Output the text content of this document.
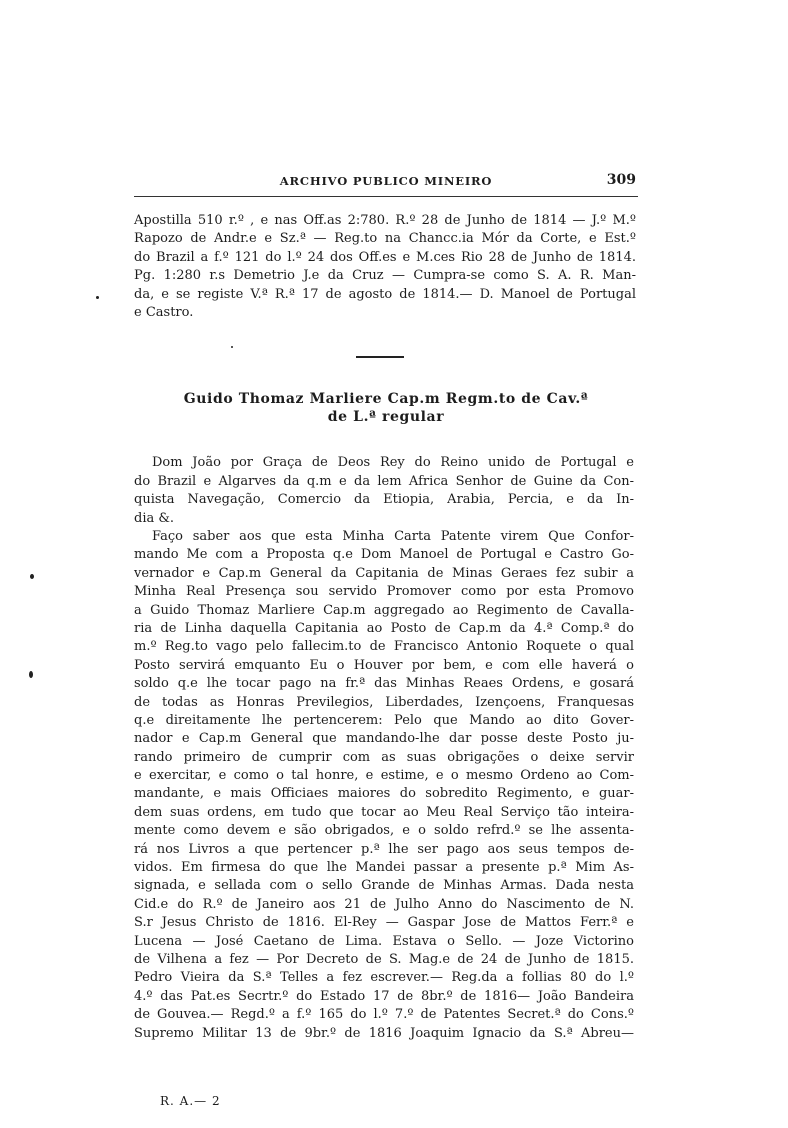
ARCHIVO PUBLICO MINEIRO	309
Apostilla 510 r.º , e nas Off.as 2:780. R.º 28 de Junho de 1814 — J.º M.º
Rapozo de Andr.e e Sz.ª — Reg.to na Chancc.ia Mór da Corte, e Est.º
do Brazil a f.º 121 do l.º 24 dos Off.es e M.ces Rio 28 de Junho de 1814.
Pg. 1:280 r.s Demetrio J.e da Cruz — Cumpra-se como S. A. R. Man-
da, e se registe V.ª R.ª 17 de agosto de 1814.— D. Manoel de Portugal
e Castro.
Guido Thomaz Marliere Cap.m Regm.to de Cav.ª
de L.ª regular
Dom João por Graça de Deos Rey do Reino unido de Portugal e
do Brazil e Algarves da q.m e da lem Africa Senhor de Guine da Con-
quista Navegação, Comercio da Etiopia, Arabia, Percia, e da In-
dia &.
Faço saber aos que esta Minha Carta Patente virem Que Confor-
mando Me com a Proposta q.e Dom Manoel de Portugal e Castro Go-
vernador e Cap.m General da Capitania de Minas Geraes fez subir a
Minha Real Presença sou servido Promover como por esta Promovo
a Guido Thomaz Marliere Cap.m aggregado ao Regimento de Cavalla-
ria de Linha daquella Capitania ao Posto de Cap.m da 4.ª Comp.ª do
m.º Reg.to vago pelo fallecim.to de Francisco Antonio Roquete o qual
Posto servirá emquanto Eu o Houver por bem, e com elle haverá o
soldo q.e lhe tocar pago na fr.ª das Minhas Reaes Ordens, e gosará
de todas as Honras Previlegios, Liberdades, Izençoens, Franquesas
q.e direitamente lhe pertencerem: Pelo que Mando ao dito Gover-
nador e Cap.m General que mandando-lhe dar posse deste Posto ju-
rando primeiro de cumprir com as suas obrigações o deixe servir
e exercitar, e como o tal honre, e estime, e o mesmo Ordeno ao Com-
mandante, e mais Officiaes maiores do sobredito Regimento, e guar-
dem suas ordens, em tudo que tocar ao Meu Real Serviço tão inteira-
mente como devem e são obrigados, e o soldo refrd.º se lhe assenta-
rá nos Livros a que pertencer p.ª lhe ser pago aos seus tempos de-
vidos. Em firmesa do que lhe Mandei passar a presente p.ª Mim As-
signada, e sellada com o sello Grande de Minhas Armas. Dada nesta
Cid.e do R.º de Janeiro aos 21 de Julho Anno do Nascimento de N.
S.r Jesus Christo de 1816. El-Rey — Gaspar Jose de Mattos Ferr.ª e
Lucena — José Caetano de Lima. Estava o Sello. — Joze Victorino
de Vilhena a fez — Por Decreto de S. Mag.e de 24 de Junho de 1815.
Pedro Vieira da S.ª Telles a fez escrever.— Reg.da a follias 80 do l.º
4.º das Pat.es Secrtr.º do Estado 17 de 8br.º de 1816— João Bandeira
de Gouvea.— Regd.º a f.º 165 do l.º 7.º de Patentes Secret.ª do Cons.º
Supremo Militar 13 de 9br.º de 1816 Joaquim Ignacio da S.ª Abreu—
R. A.— 2
